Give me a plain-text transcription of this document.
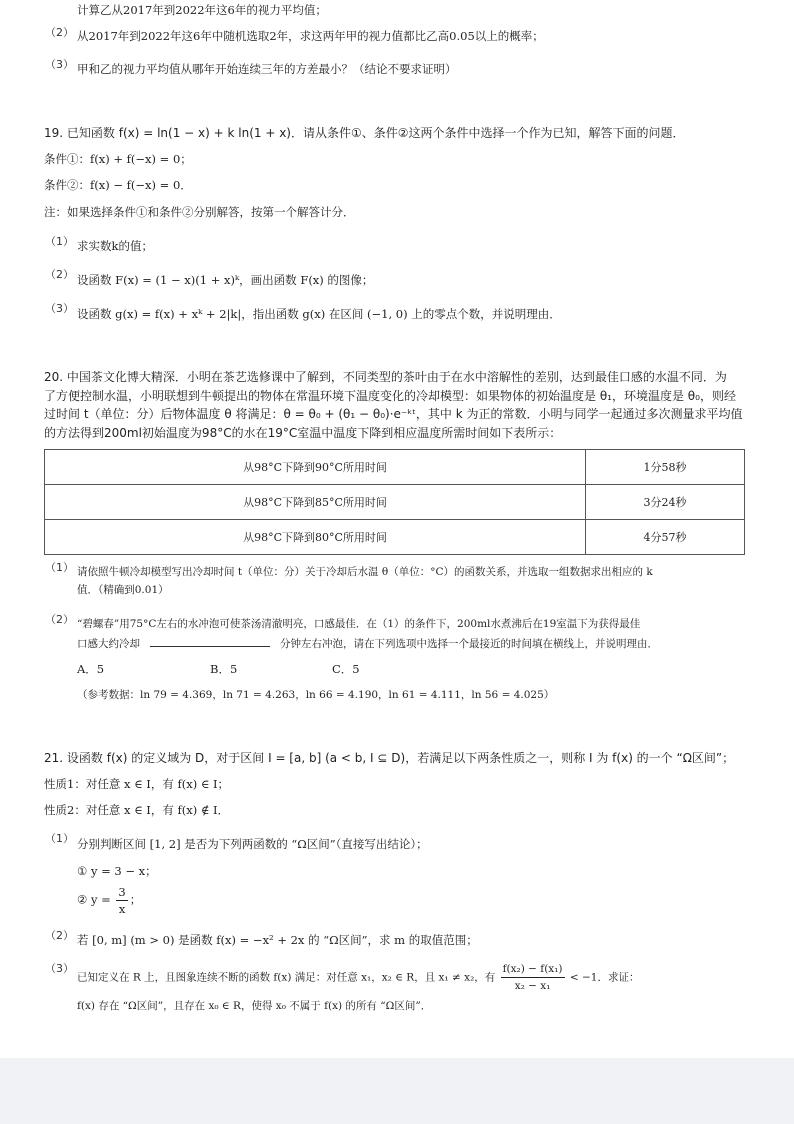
计算乙从2017年到2022年这6年的视力平均值；
（2） 从2017年到2022年这6年中随机选取2年，求这两年甲的视力值都比乙高0.05以上的概率；
（3） 甲和乙的视力平均值从哪年开始连续三年的方差最小？（结论不要求证明）
19. 已知函数 f(x) = ln(1 − x) + k ln(1 + x)．请从条件①、条件②这两个条件中选择一个作为已知，解答下面的问题．
条件①：f(x) + f(−x) = 0；
条件②：f(x) − f(−x) = 0．
注：如果选择条件①和条件②分别解答，按第一个解答计分．
（1） 求实数k的值；
（2） 设函数 F(x) = (1 − x)(1 + x)ᵏ，画出函数 F(x) 的图像；
（3） 设函数 g(x) = f(x) + xᵏ + 2|k|，指出函数 g(x) 在区间 (−1, 0) 上的零点个数，并说明理由．
20. 中国茶文化博大精深．小明在茶艺选修课中了解到，不同类型的茶叶由于在水中溶解性的差别，达到最佳口感的水温不同．为
了方便控制水温，小明联想到牛顿提出的物体在常温环境下温度变化的冷却模型：如果物体的初始温度是 θ₁，环境温度是 θ₀，则经
过时间 t（单位：分）后物体温度 θ 将满足：θ = θ₀ + (θ₁ − θ₀)·e⁻ᵏᵗ，其中 k 为正的常数．小明与同学一起通过多次测量求平均值
的方法得到200ml初始温度为98°C的水在19°C室温中温度下降到相应温度所需时间如下表所示：
从98°C下降到90°C所用时间	1分58秒
从98°C下降到85°C所用时间	3分24秒
从98°C下降到80°C所用时间	4分57秒
（1） 请依照牛顿冷却模型写出冷却时间 t（单位：分）关于冷却后水温 θ（单位：°C）的函数关系，并选取一组数据求出相应的 k
值．（精确到0.01）
（2） “碧螺春”用75°C左右的水冲泡可使茶汤清澈明亮，口感最佳．在（1）的条件下，200ml水煮沸后在19室温下为获得最佳
口感大约冷却	分钟左右冲泡，请在下列选项中选择一个最接近的时间填在横线上，并说明理由．
A．5	B．5	C．5
（参考数据：ln 79 = 4.369，ln 71 = 4.263，ln 66 = 4.190，ln 61 = 4.111，ln 56 = 4.025）
21. 设函数 f(x) 的定义域为 D，对于区间 I = [a, b] (a < b, I ⊆ D)，若满足以下两条性质之一，则称 I 为 f(x) 的一个 “Ω区间”；
性质1：对任意 x ∈ I，有 f(x) ∈ I；
性质2：对任意 x ∈ I，有 f(x) ∉ I．
（1） 分别判断区间 [1, 2] 是否为下列两函数的 “Ω区间”（直接写出结论）；
① y = 3 − x；
② $y = \frac{3}{x}$ ；
（2） 若 [0, m] (m > 0) 是函数 f(x) = −x² + 2x 的 “Ω区间”，求 m 的取值范围；
（3）
已知定义在 R 上，且图象连续不断的函数 f(x) 满足：对任意 x₁，x₂ ∈ R，且 x₁ ≠ x₂，有 $\frac{\text{f(x₂) − f(x₁)}}{\text{x₂ − x₁}} < -1$．求证：
f(x) 存在 “Ω区间”，且存在 x₀ ∈ R，使得 x₀ 不属于 f(x) 的所有 “Ω区间”．
